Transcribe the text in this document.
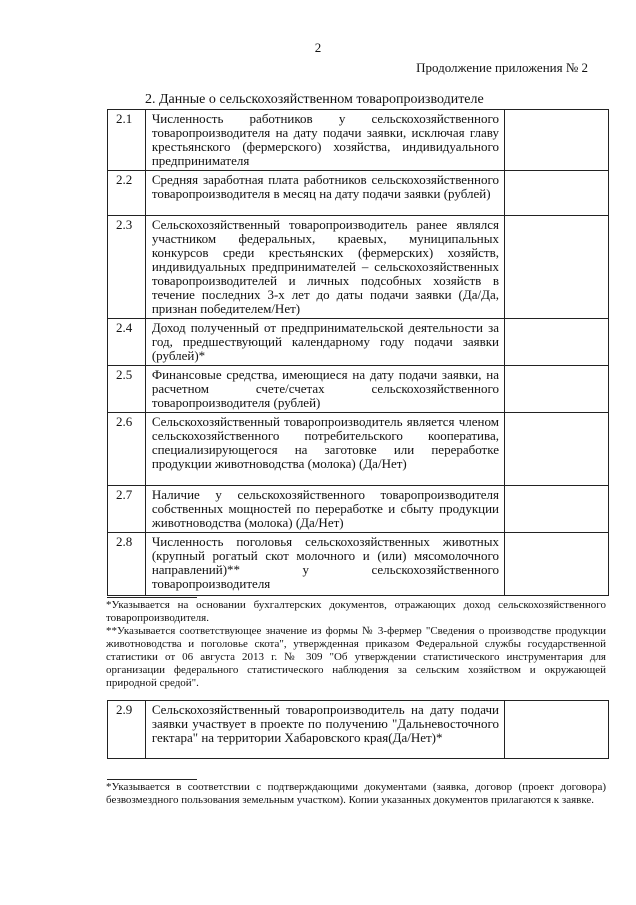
2
Продолжение приложения № 2
2. Данные о сельскохозяйственном товаропроизводителе
2.1	Численность работников у сельскохозяйственного товаропроизводителя на дату подачи заявки, исключая главу крестьянского (фермерского) хозяйства, индивидуального предпринимателя	
2.2	Средняя заработная плата работников сельскохозяйственного товаропроизводителя в месяц на дату подачи заявки (рублей)	
2.3	Сельскохозяйственный товаропроизводитель ранее являлся участником федеральных, краевых, муниципальных конкурсов среди крестьянских (фермерских) хозяйств, индивидуальных предпринимателей – сельскохозяйственных товаропроизводителей и личных подсобных хозяйств в течение последних 3-х лет до даты подачи заявки (Да/Да, признан победителем/Нет)	
2.4	Доход полученный от предпринимательской деятельности за год, предшествующий календарному году подачи заявки (рублей)*	
2.5	Финансовые средства, имеющиеся на дату подачи заявки, на расчетном счете/счетах сельскохозяйственного товаропроизводителя (рублей)	
2.6	Сельскохозяйственный товаропроизводитель является членом сельскохозяйственного потребительского кооператива, специализирующегося на заготовке или переработке продукции животноводства (молока) (Да/Нет)	
2.7	Наличие у сельскохозяйственного товаропроизводителя собственных мощностей по переработке и сбыту продукции животноводства (молока) (Да/Нет)	
2.8	Численность поголовья сельскохозяйственных животных (крупный рогатый скот молочного и (или) мясомолочного направлений)** у сельскохозяйственного товаропроизводителя	

*Указывается на основании бухгалтерских документов, отражающих доход сельскохозяйственного товаропроизводителя.

**Указывается соответствующее значение из формы № 3-фермер "Сведения о производстве продукции животноводства и поголовье скота", утвержденная приказом Федеральной службы государственной статистики от 06 августа 2013 г. № 309 "Об утверждении статистического инструментария для организации федерального статистического наблюдения за сельским хозяйством и окружающей природной средой".

2.9	Сельскохозяйственный товаропроизводитель на дату подачи заявки участвует в проекте по получению "Дальневосточного гектара" на территории Хабаровского края(Да/Нет)*	

*Указывается в соответствии с подтверждающими документами (заявка, договор (проект договора) безвозмездного пользования земельным участком). Копии указанных документов прилагаются к заявке.
